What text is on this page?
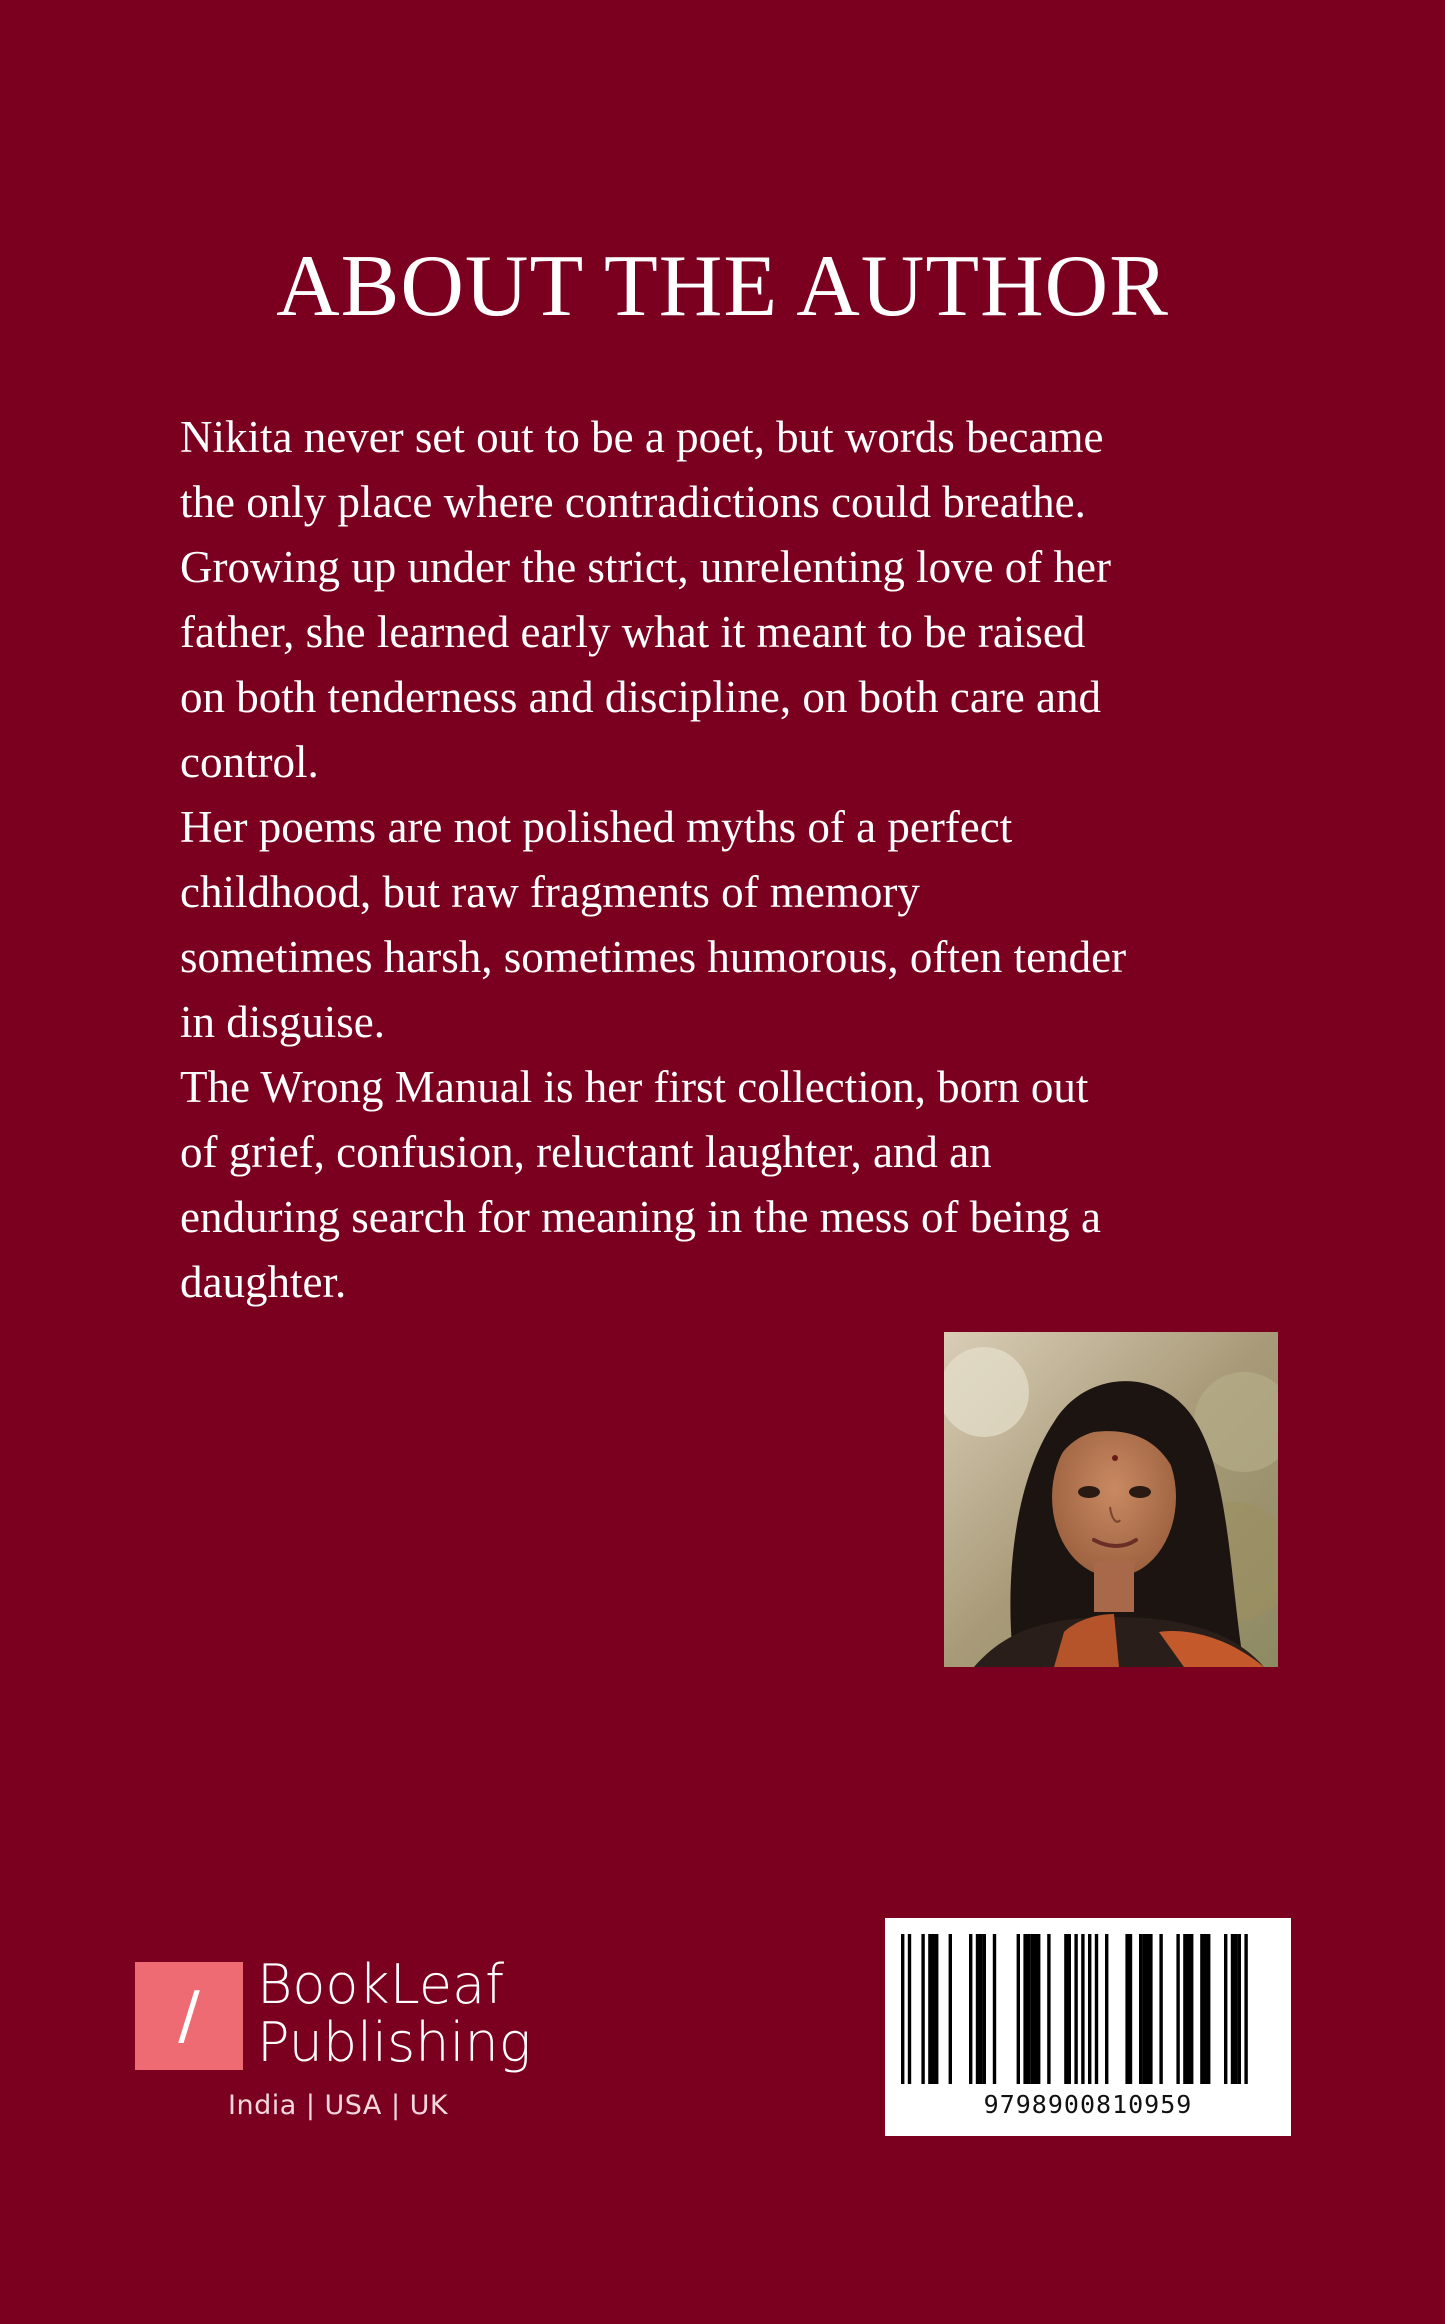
ABOUT THE AUTHOR

Nikita never set out to be a poet, but words became
the only place where contradictions could breathe.
Growing up under the strict, unrelenting love of her
father, she learned early what it meant to be raised
on both tenderness and discipline, on both care and
control.

Her poems are not polished myths of a perfect
childhood, but raw fragments of memory
sometimes harsh, sometimes humorous, often tender
in disguise.

The Wrong Manual is her first collection, born out
of grief, confusion, reluctant laughter, and an
enduring search for meaning in the mess of being a
daughter.

/	BookLeaf
Publishing
India | USA | UK	9798900810959
